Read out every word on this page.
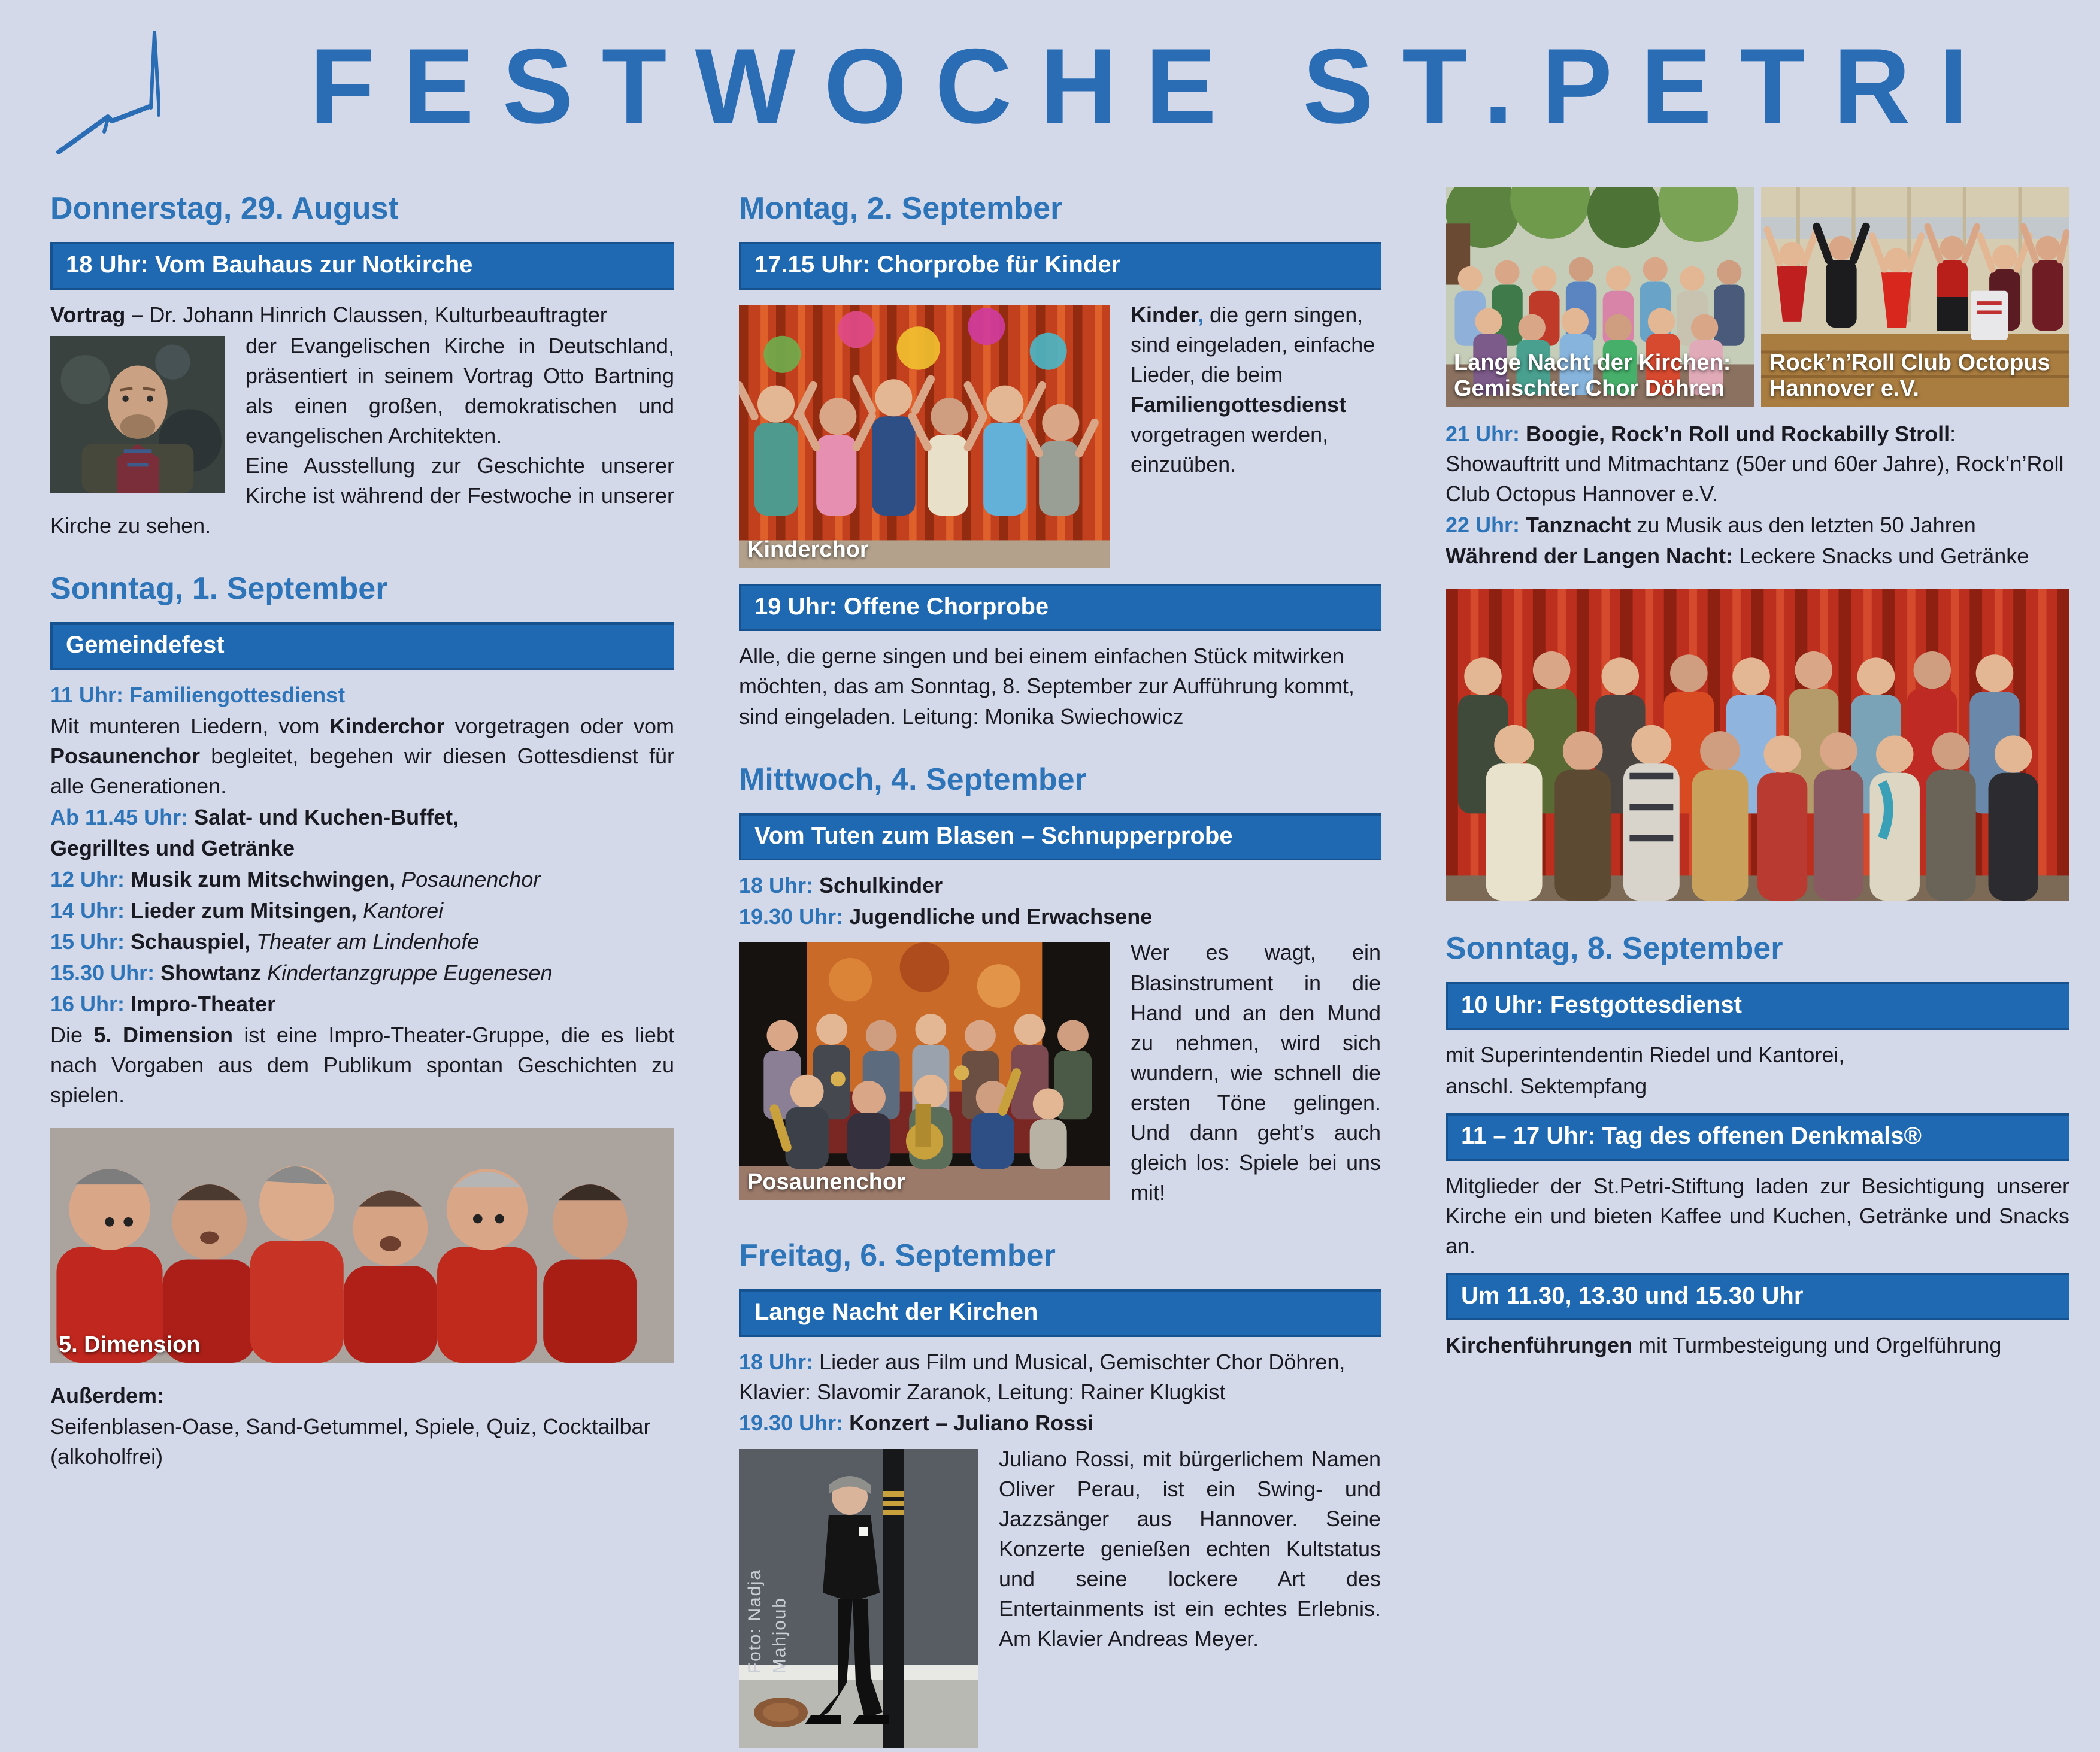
FESTWOCHE ST.PETRI
Donnerstag, 29. August
18 Uhr: Vom Bauhaus zur Notkirche
Vortrag – Dr. Johann Hinrich Claussen, Kulturbeauftragter
der Evangelischen Kirche in Deutschland, präsentiert in seinem Vortrag Otto Bartning als einen großen, demokratischen und evangelischen Architekten.
Eine Ausstellung zur Geschichte unserer Kirche ist während der Festwoche in unserer Kirche zu sehen.
Sonntag, 1. September
Gemeindefest
11 Uhr: Familiengottesdienst
Mit munteren Liedern, vom Kinderchor vorgetragen oder vom Posaunenchor begleitet, begehen wir diesen Gottesdienst für alle Generationen.
Ab 11.45 Uhr: Salat- und Kuchen-Buffet,
Gegrilltes und Getränke
12 Uhr: Musik zum Mitschwingen, Posaunenchor
14 Uhr: Lieder zum Mitsingen, Kantorei
15 Uhr: Schauspiel, Theater am Lindenhofe
15.30 Uhr: Showtanz Kindertanzgruppe Eugenesen
16 Uhr: Impro-Theater
Die 5. Dimension ist eine Impro-Theater-Gruppe, die es liebt nach Vorgaben aus dem Publikum spontan Geschichten zu spielen.
5. Dimension
Außerdem:
Seifenblasen-Oase, Sand-Getummel, Spiele, Quiz, Cocktailbar (alkoholfrei)
Montag, 2. September
17.15 Uhr: Chorprobe für Kinder
Kinderchor
Kinder, die gern singen, sind eingeladen, einfache Lieder, die beim Familiengottesdienst vorgetragen werden, einzuüben.
19 Uhr: Offene Chorprobe
Alle, die gerne singen und bei einem einfachen Stück mitwirken möchten, das am Sonntag, 8. September zur Aufführung kommt, sind eingeladen. Leitung: Monika Swiechowicz
Mittwoch, 4. September
Vom Tuten zum Blasen – Schnupperprobe
18 Uhr: Schulkinder
19.30 Uhr: Jugendliche und Erwachsene
Posaunenchor
Wer es wagt, ein Blasinstrument in die Hand und an den Mund zu nehmen, wird sich wundern, wie schnell die ersten Töne gelingen. Und dann geht’s auch gleich los: Spiele bei uns mit!
Freitag, 6. September
Lange Nacht der Kirchen
18 Uhr: Lieder aus Film und Musical, Gemischter Chor Döhren, Klavier: Slavomir Zaranok, Leitung: Rainer Klugkist
19.30 Uhr: Konzert – Juliano Rossi
Foto: Nadja Mahjoub
Juliano Rossi, mit bürgerlichem Namen Oliver Perau, ist ein Swing- und Jazzsänger aus Hannover. Seine Konzerte genießen echten Kultstatus und seine lockere Art des Entertainments ist ein echtes Erlebnis. Am Klavier Andreas Meyer.
Lange Nacht der Kirchen:
Gemischter Chor Döhren
Rock’n’Roll Club Octopus
Hannover e.V.
21 Uhr: Boogie, Rock’n Roll und Rockabilly Stroll: Showauftritt und Mitmachtanz (50er und 60er Jahre), Rock’n’Roll Club Octopus Hannover e.V.
22 Uhr: Tanznacht zu Musik aus den letzten 50 Jahren
Während der Langen Nacht: Leckere Snacks und Getränke
Sonntag, 8. September
10 Uhr: Festgottesdienst
mit Superintendentin Riedel und Kantorei,
anschl. Sektempfang
11 – 17 Uhr: Tag des offenen Denkmals®
Mitglieder der St.Petri-Stiftung laden zur Besichtigung unserer Kirche ein und bieten Kaffee und Kuchen, Getränke und Snacks an.
Um 11.30, 13.30 und 15.30 Uhr
Kirchenführungen mit Turmbesteigung und Orgelführung
